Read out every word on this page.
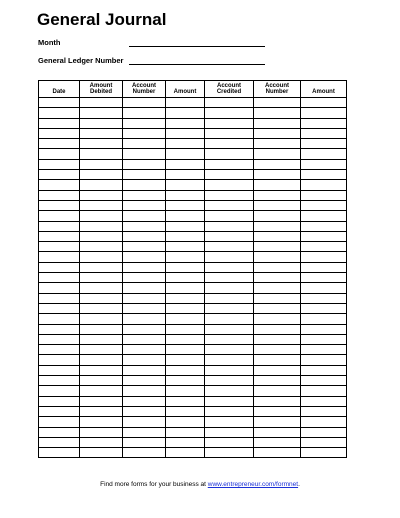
General Journal
Month
General Ledger Number
Date	Amount Debited	Account Number	Amount	Account Credited	Account Number	Amount

Find more forms for your business at www.entrepreneur.com/formnet.
